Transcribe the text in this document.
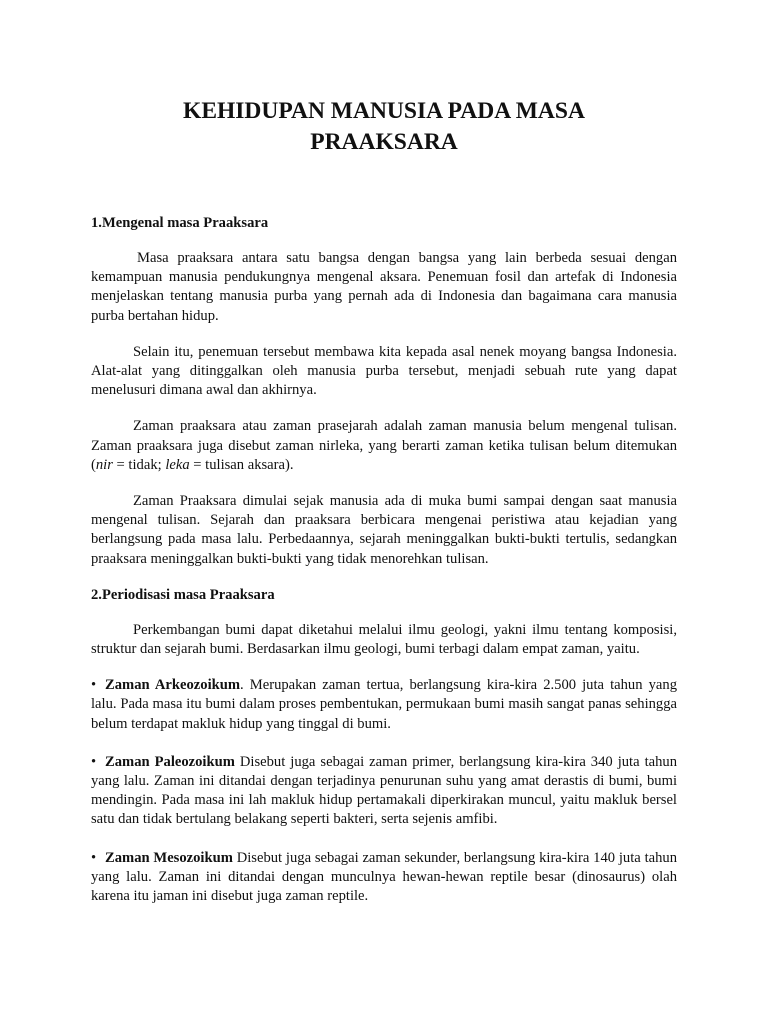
KEHIDUPAN MANUSIA PADA MASA
PRAAKSARA
1.Mengenal masa Praaksara

Masa praaksara antara satu bangsa dengan bangsa yang lain berbeda sesuai dengan kemampuan manusia pendukungnya mengenal aksara. Penemuan fosil dan artefak di Indonesia menjelaskan tentang manusia purba yang pernah ada di Indonesia dan bagaimana cara manusia purba bertahan hidup.

Selain itu, penemuan tersebut membawa kita kepada asal nenek moyang bangsa Indonesia. Alat-alat yang ditinggalkan oleh manusia purba tersebut, menjadi sebuah rute yang dapat menelusuri dimana awal dan akhirnya.

Zaman praaksara atau zaman prasejarah adalah zaman manusia belum mengenal tulisan. Zaman praaksara juga disebut zaman nirleka, yang berarti zaman ketika tulisan belum ditemukan (nir = tidak; leka = tulisan aksara).

Zaman Praaksara dimulai sejak manusia ada di muka bumi sampai dengan saat manusia mengenal tulisan. Sejarah dan praaksara berbicara mengenai peristiwa atau kejadian yang berlangsung pada masa lalu. Perbedaannya, sejarah meninggalkan bukti-bukti tertulis, sedangkan praaksara meninggalkan bukti-bukti yang tidak menorehkan tulisan.

2.Periodisasi masa Praaksara

Perkembangan bumi dapat diketahui melalui ilmu geologi, yakni ilmu tentang komposisi, struktur dan sejarah bumi. Berdasarkan ilmu geologi, bumi terbagi dalam empat zaman, yaitu.

• Zaman Arkeozoikum. Merupakan zaman tertua, berlangsung kira-kira 2.500 juta tahun yang lalu. Pada masa itu bumi dalam proses pembentukan, permukaan bumi masih sangat panas sehingga belum terdapat makluk hidup yang tinggal di bumi.

• Zaman Paleozoikum Disebut juga sebagai zaman primer, berlangsung kira-kira 340 juta tahun yang lalu. Zaman ini ditandai dengan terjadinya penurunan suhu yang amat derastis di bumi, bumi mendingin. Pada masa ini lah makluk hidup pertamakali diperkirakan muncul, yaitu makluk bersel satu dan tidak bertulang belakang seperti bakteri, serta sejenis amfibi.

• Zaman Mesozoikum Disebut juga sebagai zaman sekunder, berlangsung kira-kira 140 juta tahun yang lalu. Zaman ini ditandai dengan munculnya hewan-hewan reptile besar (dinosaurus) olah karena itu jaman ini disebut juga zaman reptile.
